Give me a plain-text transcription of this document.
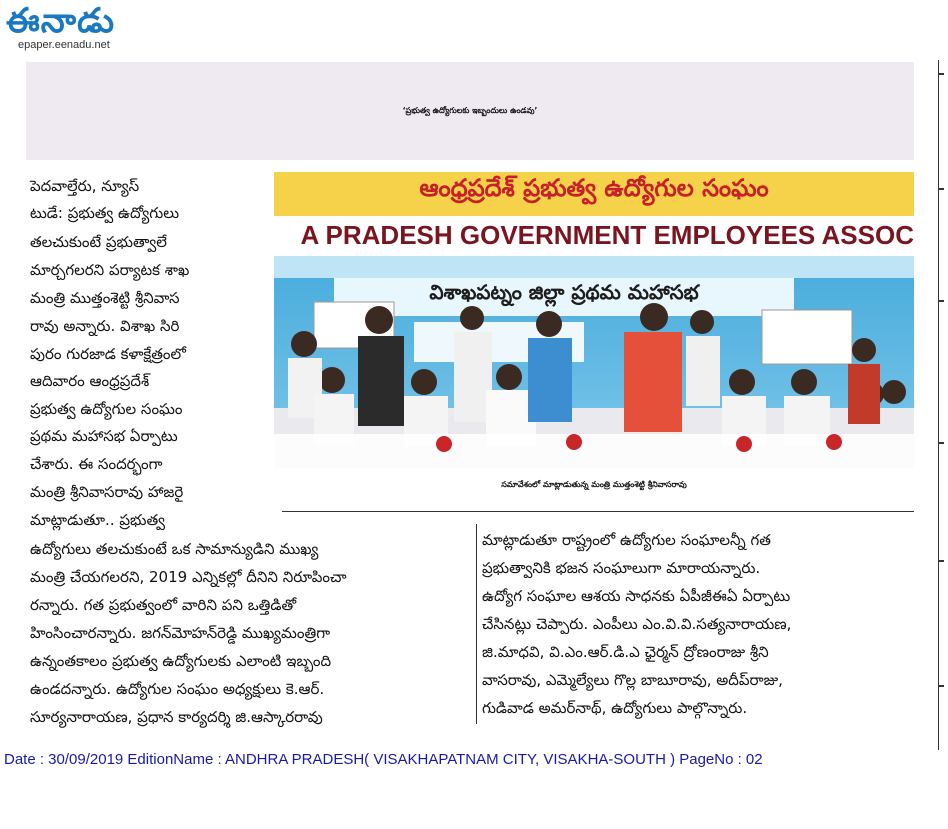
ఈనాడు
epaper.eenadu.net
‘ప్రభుత్వ ఉద్యోగులకు ఇబ్బందులు ఉండవు’
ఆంధ్రప్రదేశ్ ప్రభుత్వ ఉద్యోగుల సంఘం
A PRADESH GOVERNMENT EMPLOYEES ASSOC
విశాఖపట్నం జిల్లా ప్రథమ మహాసభ
సమావేశంలో మాట్లాడుతున్న మంత్రి ముత్తంశెట్టి శ్రీనివాసరావు
పెదవాల్తేరు, న్యూస్
టుడే: ప్రభుత్వ ఉద్యోగులు
తలచుకుంటే ప్రభుత్వాలే
మార్చగలరని పర్యాటక శాఖ
మంత్రి ముత్తంశెట్టి శ్రీనివాస
రావు అన్నారు. విశాఖ సిరి
పురం గురజాడ కళాక్షేత్రంలో
ఆదివారం ఆంధ్రప్రదేశ్
ప్రభుత్వ ఉద్యోగుల సంఘం
ప్రథమ మహాసభ ఏర్పాటు
చేశారు. ఈ సందర్భంగా
మంత్రి శ్రీనివాసరావు హాజరై
మాట్లాడుతూ.. ప్రభుత్వ
ఉద్యోగులు తలచుకుంటే ఒక సామాన్యుడిని ముఖ్య
మంత్రి చేయగలరని, 2019 ఎన్నికల్లో దీనిని నిరూపించా
రన్నారు. గత ప్రభుత్వంలో వారిని పని ఒత్తిడితో
హింసించారన్నారు. జగన్‌మోహన్‌రెడ్డి ముఖ్యమంత్రిగా
ఉన్నంతకాలం ప్రభుత్వ ఉద్యోగులకు ఎలాంటి ఇబ్బంది
ఉండదన్నారు. ఉద్యోగుల సంఘం అధ్యక్షులు కె.ఆర్.
సూర్యనారాయణ, ప్రధాన కార్యదర్శి జి.ఆస్కారరావు
మాట్లాడుతూ రాష్ట్రంలో ఉద్యోగుల సంఘాలన్నీ గత
ప్రభుత్వానికి భజన సంఘాలుగా మారాయన్నారు.
ఉద్యోగ సంఘాల ఆశయ సాధనకు ఏపీజీఈఏ ఏర్పాటు
చేసినట్లు చెప్పారు. ఎంపీలు ఎం.వి.వి.సత్యనారాయణ,
జి.మాధవి, వి.ఎం.ఆర్.డి.ఎ ఛైర్మన్ ద్రోణంరాజు శ్రీని
వాసరావు, ఎమ్మెల్యేలు గొల్ల బాబూరావు, అదీప్‌రాజు,
గుడివాడ అమర్‌నాథ్, ఉద్యోగులు పాల్గొన్నారు.
Date : 30/09/2019 EditionName : ANDHRA PRADESH( VISAKHAPATNAM CITY, VISAKHA-SOUTH ) PageNo : 02
